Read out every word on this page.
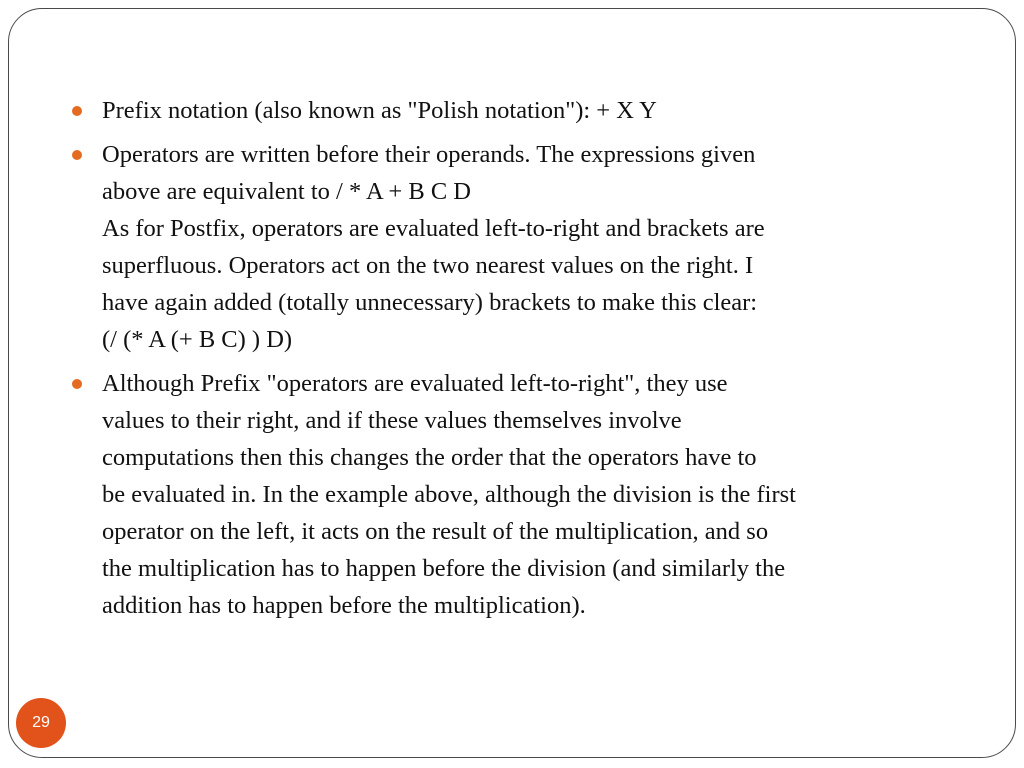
Prefix notation (also known as "Polish notation"): + X Y
Operators are written before their operands. The expressions given
above are equivalent to / * A + B C D
As for Postfix, operators are evaluated left-to-right and brackets are
superfluous. Operators act on the two nearest values on the right. I
have again added (totally unnecessary) brackets to make this clear:
(/ (* A (+ B C) ) D)
Although Prefix "operators are evaluated left-to-right", they use
values to their right, and if these values themselves involve
computations then this changes the order that the operators have to
be evaluated in. In the example above, although the division is the first
operator on the left, it acts on the result of the multiplication, and so
the multiplication has to happen before the division (and similarly the
addition has to happen before the multiplication).
29
